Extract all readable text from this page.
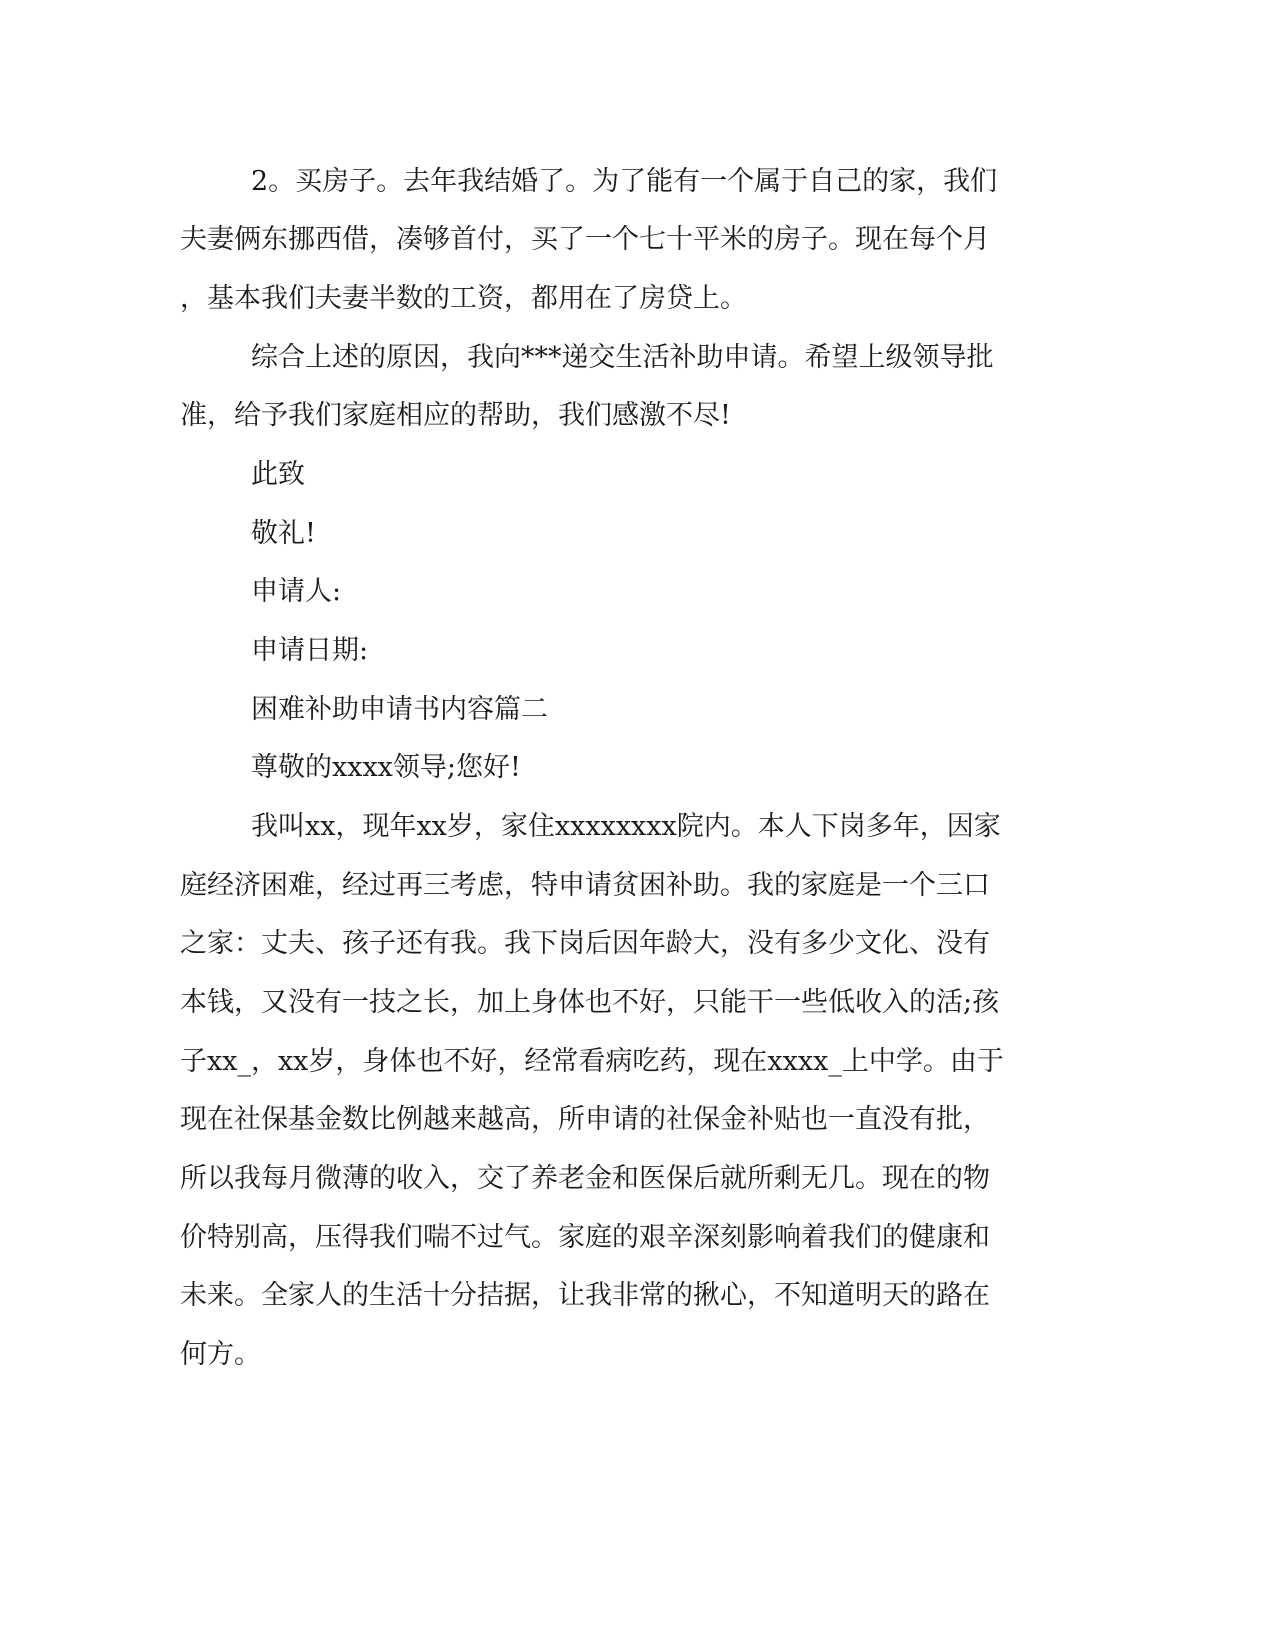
2。买房子。去年我结婚了。为了能有一个属于自己的家，我们

夫妻俩东挪西借，凑够首付，买了一个七十平米的房子。现在每个月

，基本我们夫妻半数的工资，都用在了房贷上。

综合上述的原因，我向***递交生活补助申请。希望上级领导批

准，给予我们家庭相应的帮助，我们感激不尽!

此致

敬礼!

申请人:

申请日期:

困难补助申请书内容篇二

尊敬的xxxx领导;您好!

我叫xx，现年xx岁，家住xxxxxxxx院内。本人下岗多年，因家

庭经济困难，经过再三考虑，特申请贫困补助。我的家庭是一个三口

之家：丈夫、孩子还有我。我下岗后因年龄大，没有多少文化、没有

本钱，又没有一技之长，加上身体也不好，只能干一些低收入的活;孩

子xx_，xx岁，身体也不好，经常看病吃药，现在xxxx_上中学。由于

现在社保基金数比例越来越高，所申请的社保金补贴也一直没有批，

所以我每月微薄的收入，交了养老金和医保后就所剩无几。现在的物

价特别高，压得我们喘不过气。家庭的艰辛深刻影响着我们的健康和

未来。全家人的生活十分拮据，让我非常的揪心，不知道明天的路在

何方。
